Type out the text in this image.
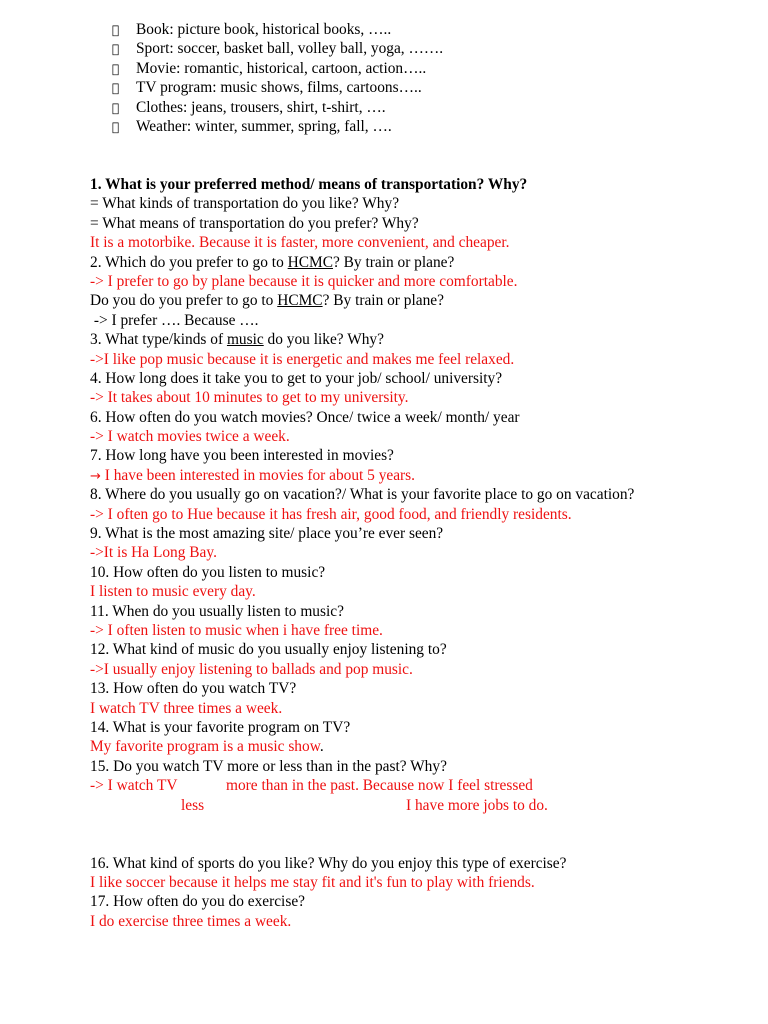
Book: picture book, historical books, …..
Sport: soccer, basket ball, volley ball, yoga, …….
Movie: romantic, historical, cartoon, action…..
TV program: music shows, films, cartoons…..
Clothes: jeans, trousers, shirt, t-shirt, ….
Weather: winter, summer, spring, fall, ….
1. What is your preferred method/ means of transportation? Why?
= What kinds of transportation do you like? Why?
= What means of transportation do you prefer? Why?
It is a motorbike. Because it is faster, more convenient, and cheaper.
2. Which do you prefer to go to HCMC? By train or plane?
-> I prefer to go by plane because it is quicker and more comfortable.
Do you do you prefer to go to HCMC? By train or plane?
-> I prefer …. Because ….
3. What type/kinds of music do you like? Why?
->I like pop music because it is energetic and makes me feel relaxed.
4. How long does it take you to get to your job/ school/ university?
-> It takes about 10 minutes to get to my university.
6. How often do you watch movies? Once/ twice a week/ month/ year
-> I watch movies twice a week.
7. How long have you been interested in movies?
→ I have been interested in movies for about 5 years.
8. Where do you usually go on vacation?/ What is your favorite place to go on vacation?
-> I often go to Hue because it has fresh air, good food, and friendly residents.
9. What is the most amazing site/ place you’re ever seen?
->It is Ha Long Bay.
10. How often do you listen to music?
I listen to music every day.
11. When do you usually listen to music?
-> I often listen to music when i have free time.
12. What kind of music do you usually enjoy listening to?
->I usually enjoy listening to ballads and pop music.
13. How often do you watch TV?
I watch TV three times a week.
14. What is your favorite program on TV?
My favorite program is a music show.
15. Do you watch TV more or less than in the past? Why?
-> I watch TV	more than in the past. Because now I feel stressed
less	I have more jobs to do.
16. What kind of sports do you like? Why do you enjoy this type of exercise?
I like soccer because it helps me stay fit and it's fun to play with friends.
17. How often do you do exercise?
I do exercise three times a week.
